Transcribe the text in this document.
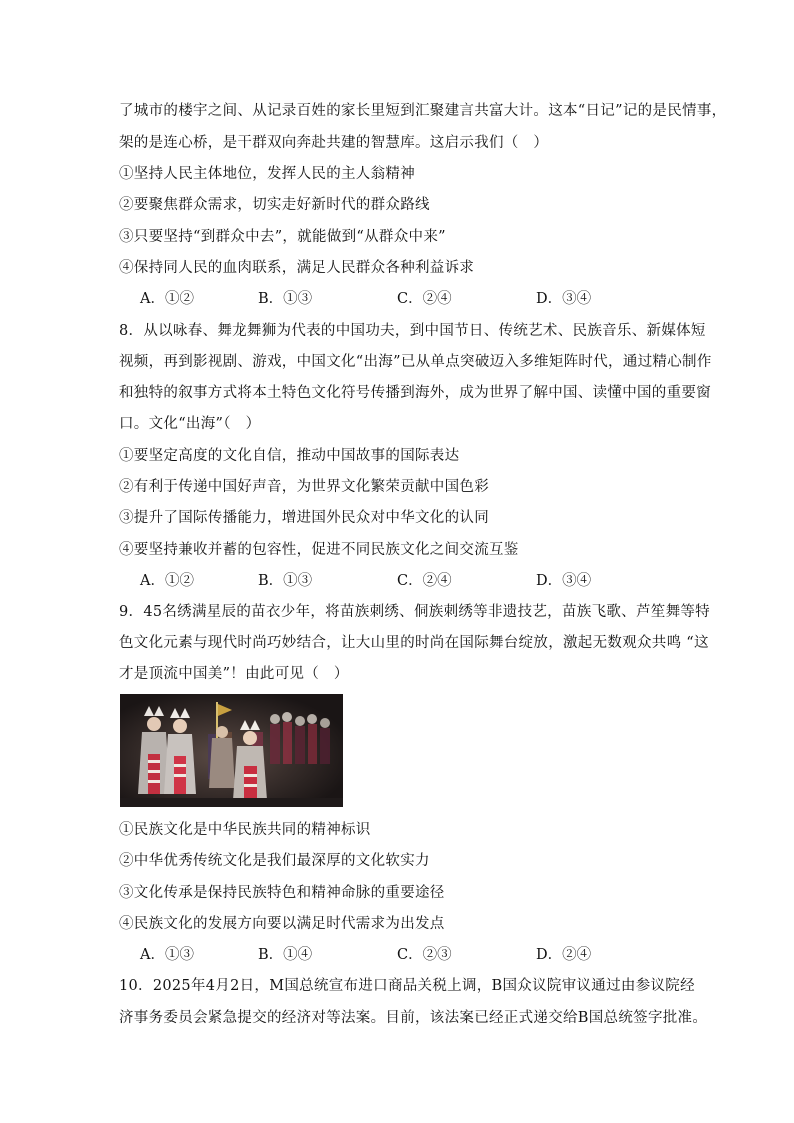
了城市的楼宇之间、从记录百姓的家长里短到汇聚建言共富大计。这本“日记”记的是民情事，
架的是连心桥，是干群双向奔赴共建的智慧库。这启示我们（　）
①坚持人民主体地位，发挥人民的主人翁精神
②要聚焦群众需求，切实走好新时代的群众路线
③只要坚持“到群众中去”，就能做到“从群众中来”
④保持同人民的血肉联系，满足人民群众各种利益诉求
A．①②	B．①③	C．②④	D．③④
8．从以咏春、舞龙舞狮为代表的中国功夫，到中国节日、传统艺术、民族音乐、新媒体短
视频，再到影视剧、游戏，中国文化“出海”已从单点突破迈入多维矩阵时代，通过精心制作
和独特的叙事方式将本土特色文化符号传播到海外，成为世界了解中国、读懂中国的重要窗
口。文化“出海”（　）
①要坚定高度的文化自信，推动中国故事的国际表达
②有利于传递中国好声音，为世界文化繁荣贡献中国色彩
③提升了国际传播能力，增进国外民众对中华文化的认同
④要坚持兼收并蓄的包容性，促进不同民族文化之间交流互鉴
A．①②	B．①③	C．②④	D．③④
9．45名绣满星辰的苗衣少年，将苗族刺绣、侗族刺绣等非遗技艺，苗族飞歌、芦笙舞等特
色文化元素与现代时尚巧妙结合，让大山里的时尚在国际舞台绽放，激起无数观众共鸣 “这
才是顶流中国美”！由此可见（　）
①民族文化是中华民族共同的精神标识
②中华优秀传统文化是我们最深厚的文化软实力
③文化传承是保持民族特色和精神命脉的重要途径
④民族文化的发展方向要以满足时代需求为出发点
A．①③	B．①④	C．②③	D．②④
10．2025年4月2日，M国总统宣布进口商品关税上调，B国众议院审议通过由参议院经
济事务委员会紧急提交的经济对等法案。目前，该法案已经正式递交给B国总统签字批准。
